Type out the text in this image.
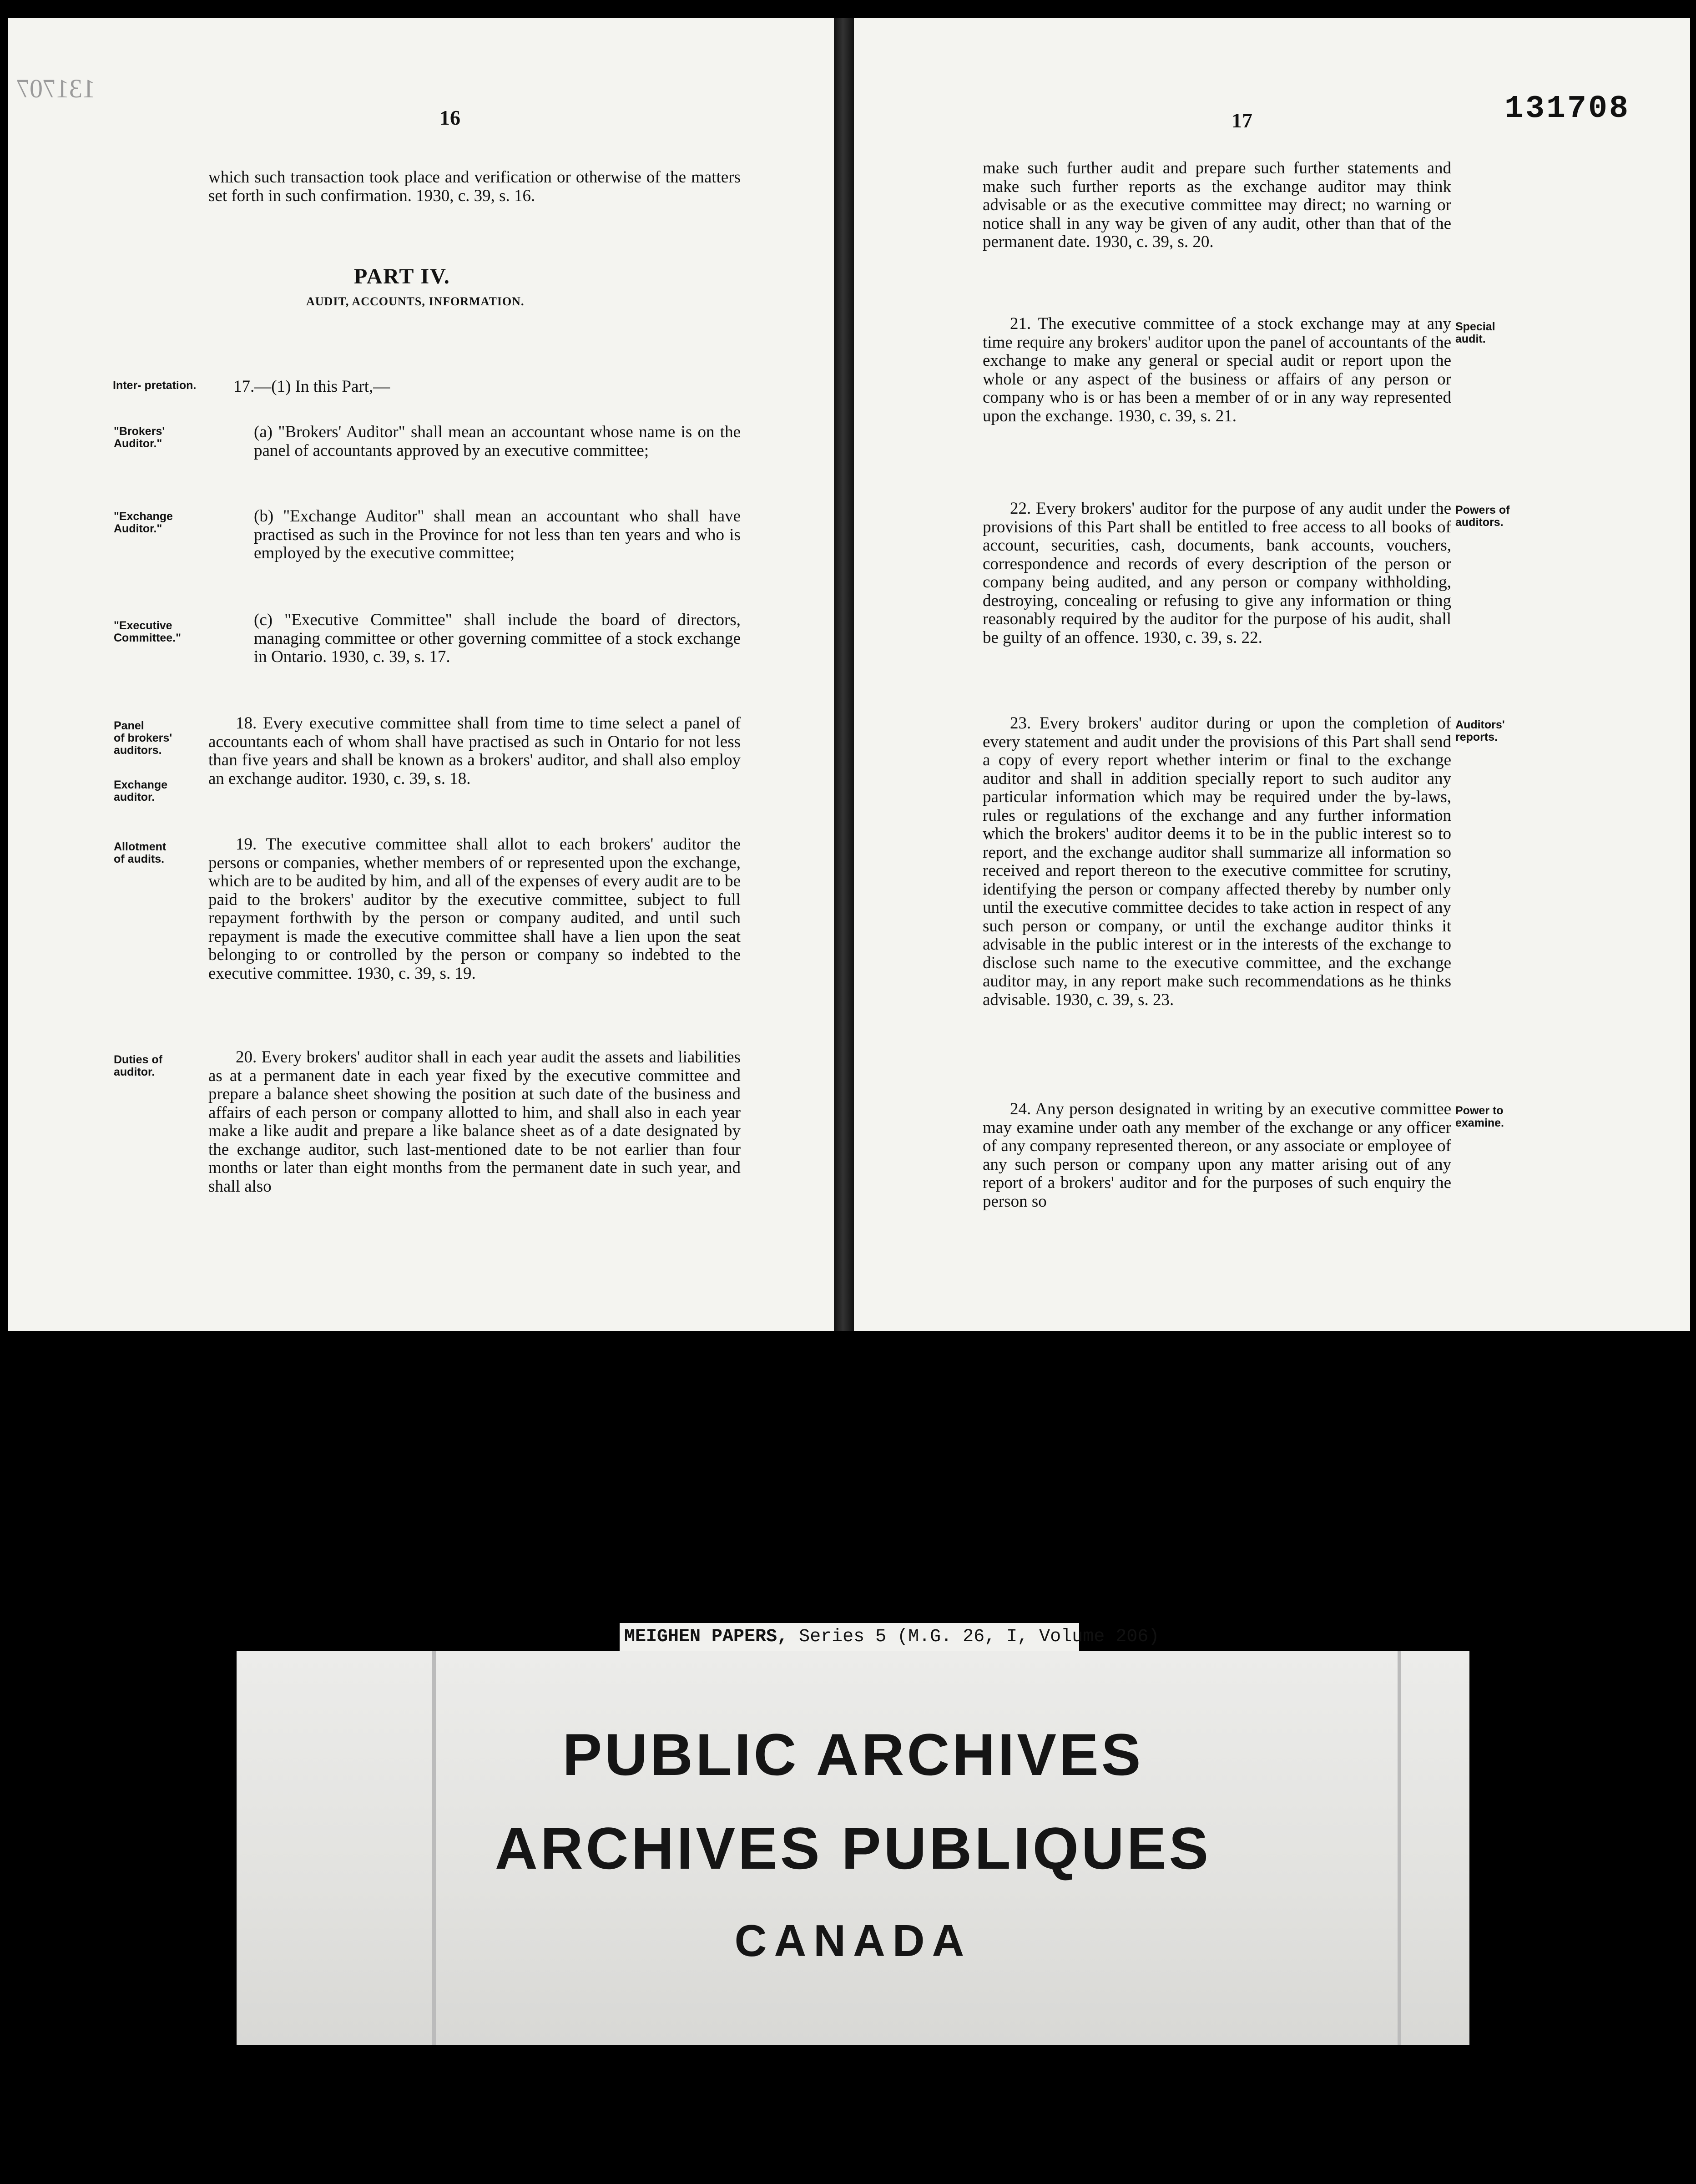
16
131707

which such transaction took place and verification or otherwise of the matters set forth in such confirmation. 1930, c. 39, s. 16.

PART IV.
AUDIT, ACCOUNTS, INFORMATION.
Inter- pretation. 17.—(1) In this Part,—

"Brokers'
Auditor."

(a) "Brokers' Auditor" shall mean an accountant whose name is on the panel of accountants approved by an executive committee;

"Exchange
Auditor."

(b) "Exchange Auditor" shall mean an accountant who shall have practised as such in the Province for not less than ten years and who is employed by the executive committee;

"Executive
Committee."

(c) "Executive Committee" shall include the board of directors, managing committee or other governing committee of a stock exchange in Ontario. 1930, c. 39, s. 17.

Panel
of brokers'
auditors.
Exchange
auditor.

18. Every executive committee shall from time to time select a panel of accountants each of whom shall have practised as such in Ontario for not less than five years and shall be known as a brokers' auditor, and shall also employ an exchange auditor. 1930, c. 39, s. 18.

Allotment
of audits.

19. The executive committee shall allot to each brokers' auditor the persons or companies, whether members of or represented upon the exchange, which are to be audited by him, and all of the expenses of every audit are to be paid to the brokers' auditor by the executive committee, subject to full repayment forthwith by the person or company audited, and until such repayment is made the executive committee shall have a lien upon the seat belonging to or controlled by the person or company so indebted to the executive committee. 1930, c. 39, s. 19.

Duties of
auditor.

20. Every brokers' auditor shall in each year audit the assets and liabilities as at a permanent date in each year fixed by the executive committee and prepare a balance sheet showing the position at such date of the business and affairs of each person or company allotted to him, and shall also in each year make a like audit and prepare a like balance sheet as of a date designated by the exchange auditor, such last-mentioned date to be not earlier than four months or later than eight months from the permanent date in such year, and shall also

17	131708

make such further audit and prepare such further statements and make such further reports as the exchange auditor may think advisable or as the executive committee may direct; no warning or notice shall in any way be given of any audit, other than that of the permanent date. 1930, c. 39, s. 20.

Special
audit.

21. The executive committee of a stock exchange may at any time require any brokers' auditor upon the panel of accountants of the exchange to make any general or special audit or report upon the whole or any aspect of the business or affairs of any person or company who is or has been a member of or in any way represented upon the exchange. 1930, c. 39, s. 21.

Powers of
auditors.

22. Every brokers' auditor for the purpose of any audit under the provisions of this Part shall be entitled to free access to all books of account, securities, cash, documents, bank accounts, vouchers, correspondence and records of every description of the person or company being audited, and any person or company withholding, destroying, concealing or refusing to give any information or thing reasonably required by the auditor for the purpose of his audit, shall be guilty of an offence. 1930, c. 39, s. 22.

Auditors'
reports.

23. Every brokers' auditor during or upon the completion of every statement and audit under the provisions of this Part shall send a copy of every report whether interim or final to the exchange auditor and shall in addition specially report to such auditor any particular information which may be required under the by-laws, rules or regulations of the exchange and any further information which the brokers' auditor deems it to be in the public interest so to report, and the exchange auditor shall summarize all information so received and report thereon to the executive committee for scrutiny, identifying the person or company affected thereby by number only until the executive committee decides to take action in respect of any such person or company, or until the exchange auditor thinks it advisable in the public interest or in the interests of the exchange to disclose such name to the executive committee, and the exchange auditor may, in any report make such recommendations as he thinks advisable. 1930, c. 39, s. 23.

Power to
examine.

24. Any person designated in writing by an executive committee may examine under oath any member of the exchange or any officer of any company represented thereon, or any associate or employee of any such person or company upon any matter arising out of any report of a brokers' auditor and for the purposes of such enquiry the person so

MEIGHEN PAPERS, Series 5 (M.G. 26, I, Volume 206)
PUBLIC ARCHIVES
ARCHIVES PUBLIQUES
CANADA
